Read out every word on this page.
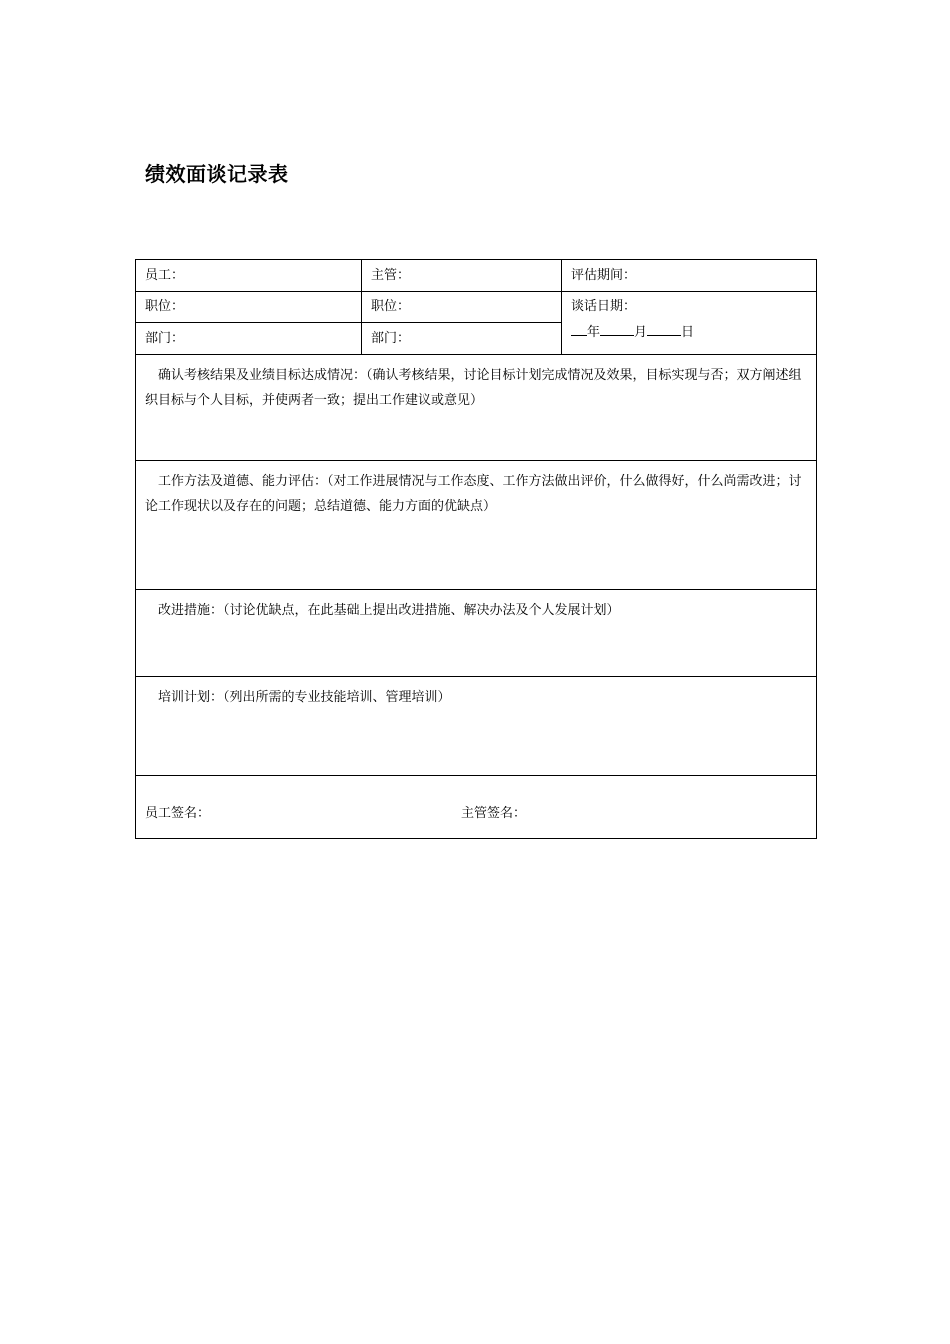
绩效面谈记录表
员工：	主管：	评估期间：
职位：	职位：	谈话日期：
年 月 日

部门：	部门：	
确认考核结果及业绩目标达成情况：（确认考核结果，讨论目标计划完成情况及效果，目标实现与否；双方阐述组织目标与个人目标，并使两者一致；提出工作建议或意见）		
工作方法及道德、能力评估：（对工作进展情况与工作态度、工作方法做出评价，什么做得好，什么尚需改进；讨论工作现状以及存在的问题；总结道德、能力方面的优缺点）		
改进措施：（讨论优缺点，在此基础上提出改进措施、解决办法及个人发展计划）		
培训计划：（列出所需的专业技能培训、管理培训）		

员工签名： 主管签名：		
